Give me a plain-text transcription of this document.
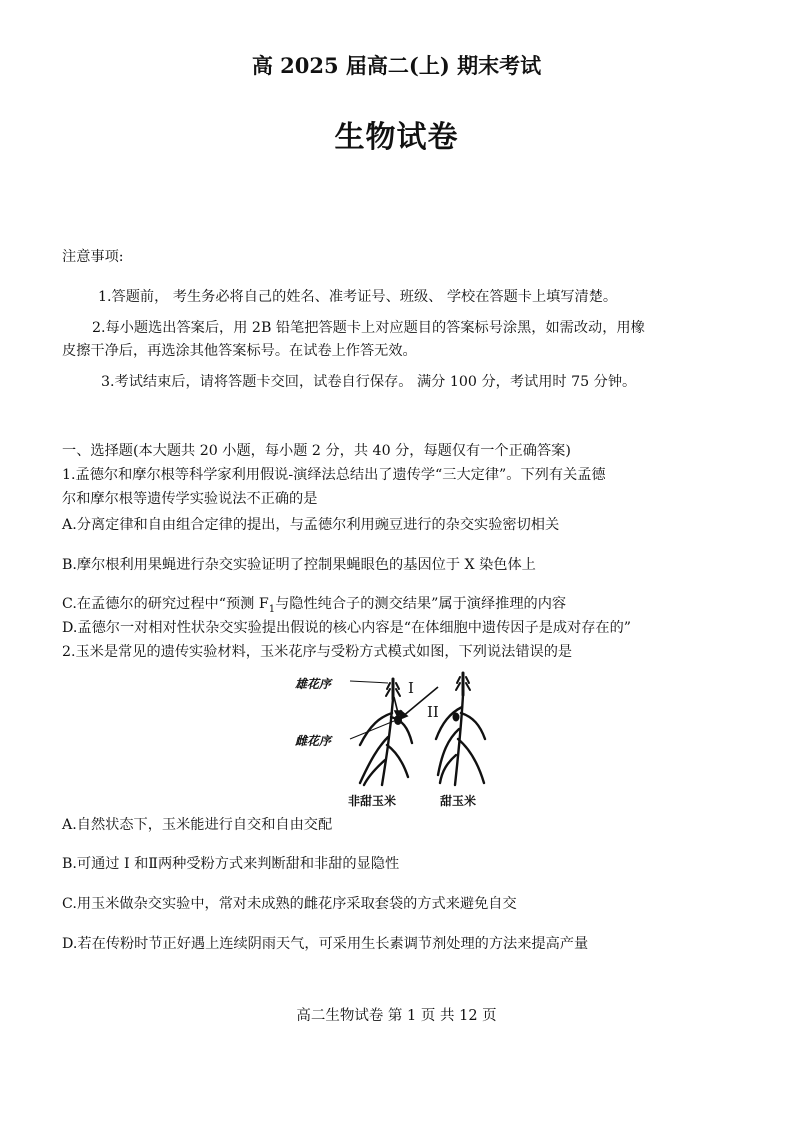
高 2025 届高二(上) 期末考试
生物试卷
注意事项:
1.答题前， 考生务必将自己的姓名、准考证号、班级、 学校在答题卡上填写清楚。
2.每小题选出答案后，用 2B 铅笔把答题卡上对应题目的答案标号涂黑，如需改动，用橡
皮擦干净后，再选涂其他答案标号。在试卷上作答无效。
3.考试结束后，请将答题卡交回，试卷自行保存。 满分 100 分，考试用时 75 分钟。
一、选择题(本大题共 20 小题，每小题 2 分，共 40 分，每题仅有一个正确答案)
1.孟德尔和摩尔根等科学家利用假说-演绎法总结出了遗传学“三大定律”。下列有关孟德
尔和摩尔根等遗传学实验说法不正确的是
A.分离定律和自由组合定律的提出，与孟德尔利用豌豆进行的杂交实验密切相关
B.摩尔根利用果蝇进行杂交实验证明了控制果蝇眼色的基因位于 X 染色体上
C.在孟德尔的研究过程中“预测 $F_1$与隐性纯合子的测交结果”属于演绎推理的内容
D.孟德尔一对相对性状杂交实验提出假说的核心内容是“在体细胞中遗传因子是成对存在的”
2.玉米是常见的遗传实验材料，玉米花序与受粉方式模式如图，下列说法错误的是
雄花序
雌花序
I
II
非甜玉米	甜玉米
A.自然状态下，玉米能进行自交和自由交配
B.可通过 I 和Ⅱ两种受粉方式来判断甜和非甜的显隐性
C.用玉米做杂交实验中，常对未成熟的雌花序采取套袋的方式来避免自交
D.若在传粉时节正好遇上连续阴雨天气，可采用生长素调节剂处理的方法来提高产量
高二生物试卷 第 1 页 共 12 页
